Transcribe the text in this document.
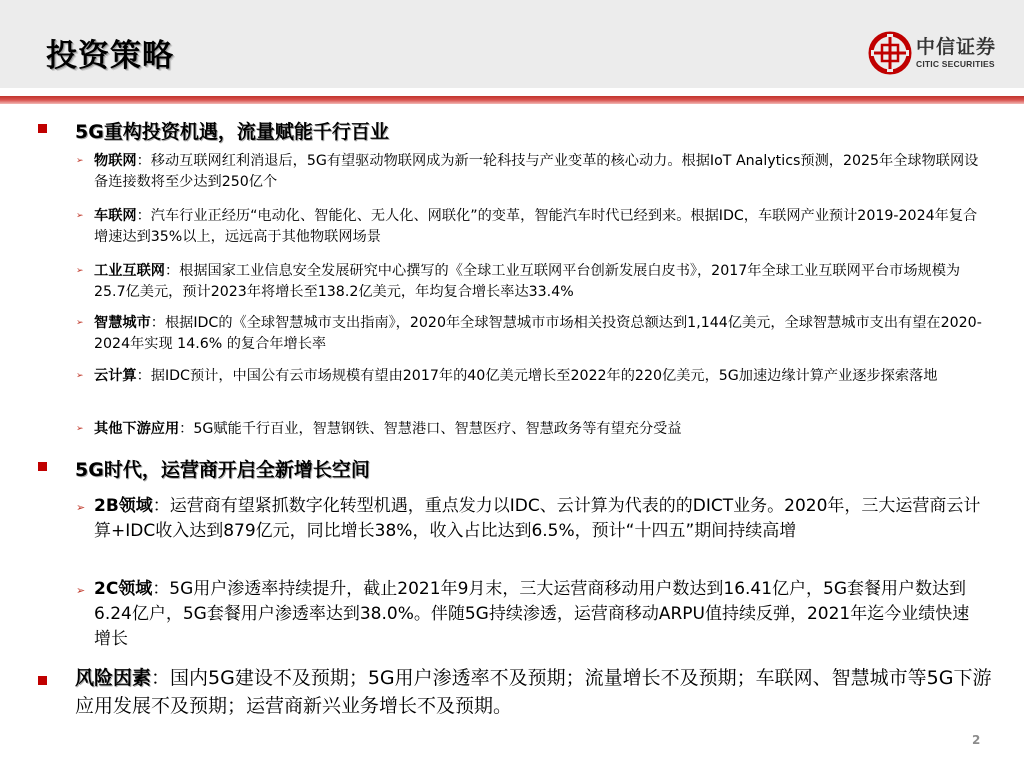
投资策略	中信证券
CITIC SECURITIES
5G重构投资机遇，流量赋能千行百业
➢ 物联网：移动互联网红利消退后，5G有望驱动物联网成为新一轮科技与产业变革的核心动力。根据IoT Analytics预测，2025年全球物联网设备连接数将至少达到250亿个
➢ 车联网：汽车行业正经历“电动化、智能化、无人化、网联化”的变革，智能汽车时代已经到来。根据IDC，车联网产业预计2019-2024年复合增速达到35%以上，远远高于其他物联网场景
➢ 工业互联网：根据国家工业信息安全发展研究中心撰写的《全球工业互联网平台创新发展白皮书》，2017年全球工业互联网平台市场规模为25.7亿美元，预计2023年将增长至138.2亿美元，年均复合增长率达33.4%
➢ 智慧城市：根据IDC的《全球智慧城市支出指南》，2020年全球智慧城市市场相关投资总额达到1,144亿美元，全球智慧城市支出有望在2020-2024年实现 14.6% 的复合年增长率
➢ 云计算：据IDC预计，中国公有云市场规模有望由2017年的40亿美元增长至2022年的220亿美元，5G加速边缘计算产业逐步探索落地
➢ 其他下游应用：5G赋能千行百业，智慧钢铁、智慧港口、智慧医疗、智慧政务等有望充分受益
5G时代，运营商开启全新增长空间
➢ 2B领域：运营商有望紧抓数字化转型机遇，重点发力以IDC、云计算为代表的的DICT业务。2020年，三大运营商云计算+IDC收入达到879亿元，同比增长38%，收入占比达到6.5%，预计“十四五”期间持续高增
➢ 2C领域：5G用户渗透率持续提升，截止2021年9月末，三大运营商移动用户数达到16.41亿户，5G套餐用户数达到6.24亿户，5G套餐用户渗透率达到38.0%。伴随5G持续渗透，运营商移动ARPU值持续反弹，2021年迄今业绩快速增长
风险因素：国内5G建设不及预期；5G用户渗透率不及预期；流量增长不及预期；车联网、智慧城市等5G下游应用发展不及预期；运营商新兴业务增长不及预期。
2
